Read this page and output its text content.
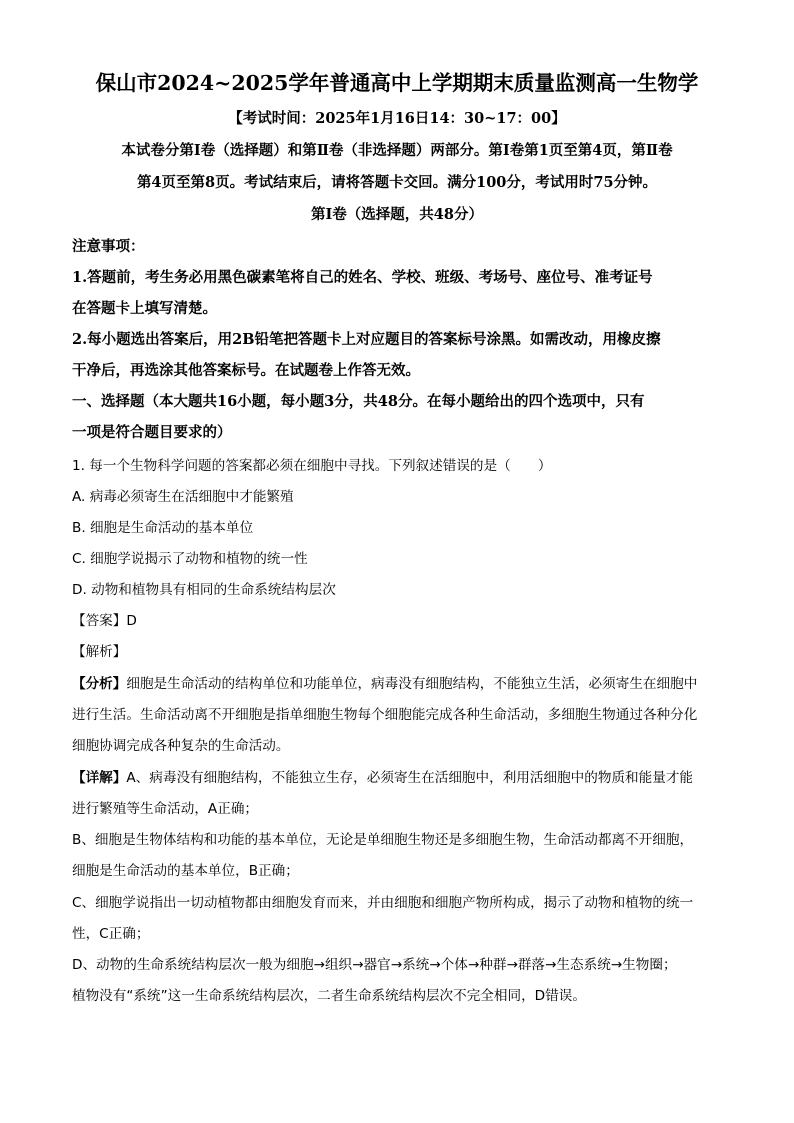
保山市2024~2025学年普通高中上学期期末质量监测高一生物学
【考试时间：2025年1月16日14：30~17：00】
本试卷分第Ⅰ卷（选择题）和第Ⅱ卷（非选择题）两部分。第Ⅰ卷第1页至第4页，第Ⅱ卷
第4页至第8页。考试结束后，请将答题卡交回。满分100分，考试用时75分钟。
第Ⅰ卷（选择题，共48分）
注意事项：
1.答题前，考生务必用黑色碳素笔将自己的姓名、学校、班级、考场号、座位号、准考证号
在答题卡上填写清楚。
2.每小题选出答案后，用2B铅笔把答题卡上对应题目的答案标号涂黑。如需改动，用橡皮擦
干净后，再选涂其他答案标号。在试题卷上作答无效。
一、选择题（本大题共16小题，每小题3分，共48分。在每小题给出的四个选项中，只有
一项是符合题目要求的）
1. 每一个生物科学问题的答案都必须在细胞中寻找。下列叙述错误的是（　　）
A. 病毒必须寄生在活细胞中才能繁殖
B. 细胞是生命活动的基本单位
C. 细胞学说揭示了动物和植物的统一性
D. 动物和植物具有相同的生命系统结构层次
【答案】D
【解析】
【分析】细胞是生命活动的结构单位和功能单位，病毒没有细胞结构，不能独立生活，必须寄生在细胞中
进行生活。生命活动离不开细胞是指单细胞生物每个细胞能完成各种生命活动，多细胞生物通过各种分化
细胞协调完成各种复杂的生命活动。
【详解】A、病毒没有细胞结构，不能独立生存，必须寄生在活细胞中，利用活细胞中的物质和能量才能
进行繁殖等生命活动，A正确；
B、细胞是生物体结构和功能的基本单位，无论是单细胞生物还是多细胞生物，生命活动都离不开细胞，
细胞是生命活动的基本单位，B正确；
C、细胞学说指出一切动植物都由细胞发育而来，并由细胞和细胞产物所构成，揭示了动物和植物的统一
性，C正确；
D、动物的生命系统结构层次一般为细胞→组织→器官→系统→个体→种群→群落→生态系统→生物圈；
植物没有“系统”这一生命系统结构层次，二者生命系统结构层次不完全相同，D错误。
